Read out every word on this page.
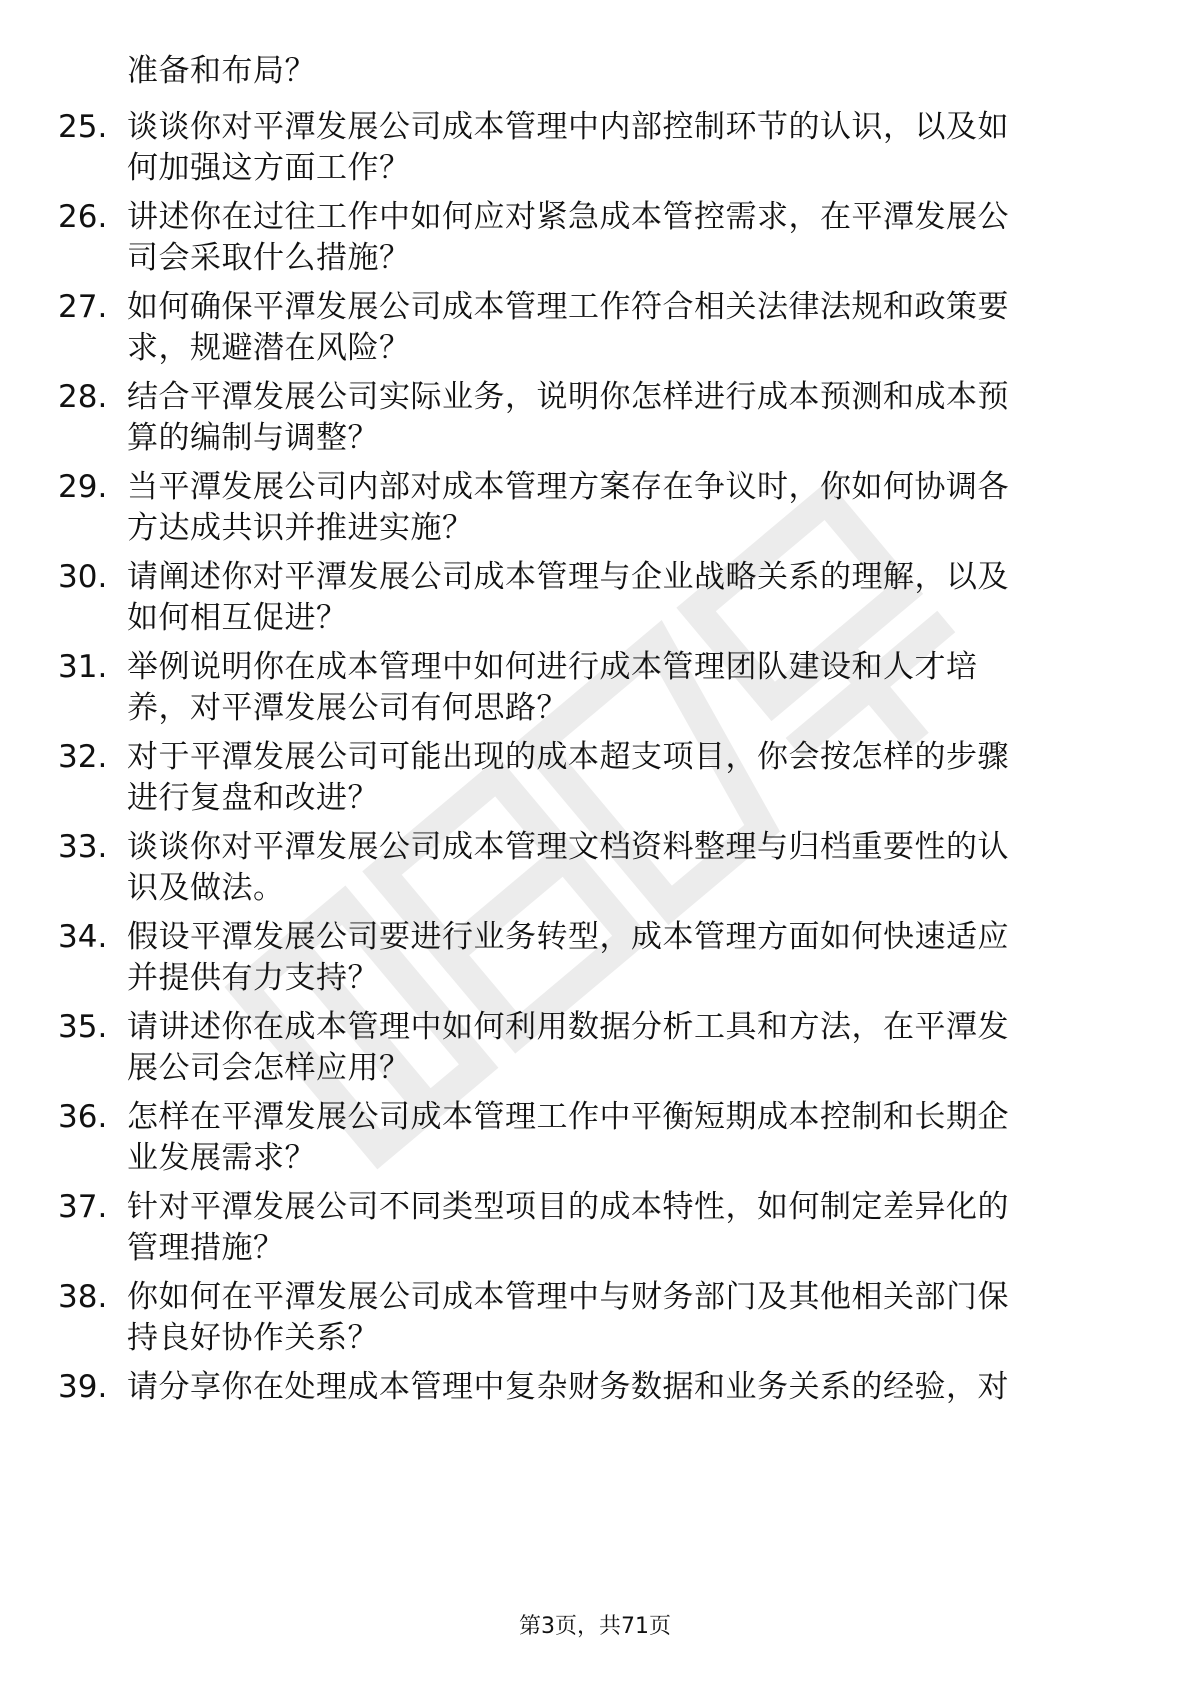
准备和布局？
25. 谈谈你对平潭发展公司成本管理中内部控制环节的认识，以及如
何加强这方面工作？
26. 讲述你在过往工作中如何应对紧急成本管控需求，在平潭发展公
司会采取什么措施？
27. 如何确保平潭发展公司成本管理工作符合相关法律法规和政策要
求，规避潜在风险？
28. 结合平潭发展公司实际业务，说明你怎样进行成本预测和成本预
算的编制与调整？
29. 当平潭发展公司内部对成本管理方案存在争议时，你如何协调各
方达成共识并推进实施？
30. 请阐述你对平潭发展公司成本管理与企业战略关系的理解，以及
如何相互促进？
31. 举例说明你在成本管理中如何进行成本管理团队建设和人才培
养，对平潭发展公司有何思路？
32. 对于平潭发展公司可能出现的成本超支项目，你会按怎样的步骤
进行复盘和改进？
33. 谈谈你对平潭发展公司成本管理文档资料整理与归档重要性的认
识及做法。
34. 假设平潭发展公司要进行业务转型，成本管理方面如何快速适应
并提供有力支持？
35. 请讲述你在成本管理中如何利用数据分析工具和方法，在平潭发
展公司会怎样应用？
36. 怎样在平潭发展公司成本管理工作中平衡短期成本控制和长期企
业发展需求？
37. 针对平潭发展公司不同类型项目的成本特性，如何制定差异化的
管理措施？
38. 你如何在平潭发展公司成本管理中与财务部门及其他相关部门保
持良好协作关系？
39. 请分享你在处理成本管理中复杂财务数据和业务关系的经验，对
第3页，共71页
